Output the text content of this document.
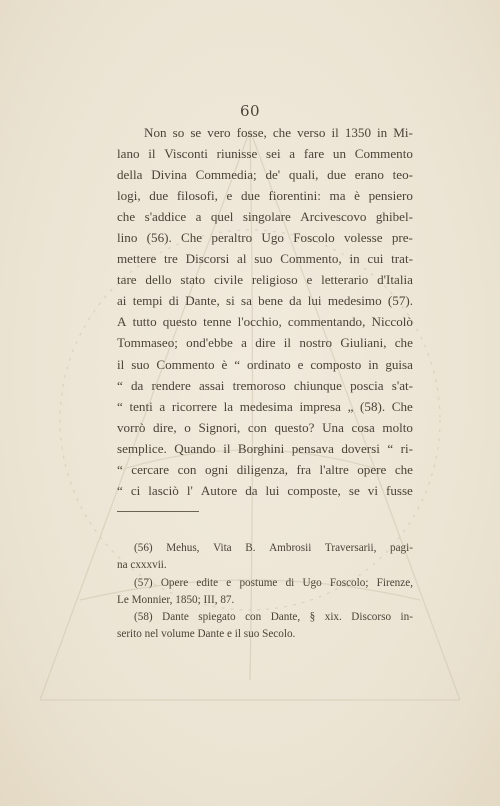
60
Non so se vero fosse, che verso il 1350 in Mi-
lano il Visconti riunisse sei a fare un Commento
della Divina Commedia; de' quali, due erano teo-
logi, due filosofi, e due fiorentini: ma è pensiero
che s'addice a quel singolare Arcivescovo ghibel-
lino (56). Che peraltro Ugo Foscolo volesse pre-
mettere tre Discorsi al suo Commento, in cui trat-
tare dello stato civile religioso e letterario d'Italia
ai tempi di Dante, si sa bene da lui medesimo (57).
A tutto questo tenne l'occhio, commentando, Niccolò
Tommaseo; ond'ebbe a dire il nostro Giuliani, che
il suo Commento è “ ordinato e composto in guisa
“ da rendere assai tremoroso chiunque poscia s'at-
“ tenti a ricorrere la medesima impresa „ (58). Che
vorrò dire, o Signori, con questo? Una cosa molto
semplice. Quando il Borghini pensava doversi “ ri-
“ cercare con ogni diligenza, fra l'altre opere che
“ ci lasciò l' Autore da lui composte, se vi fusse
(56) Mehus, Vita B. Ambrosii Traversarii, pagi-
na cxxxvii.
(57) Opere edite e postume di Ugo Foscolo; Firenze,
Le Monnier, 1850; III, 87.
(58) Dante spiegato con Dante, § xix. Discorso in-
serito nel volume Dante e il suo Secolo.
